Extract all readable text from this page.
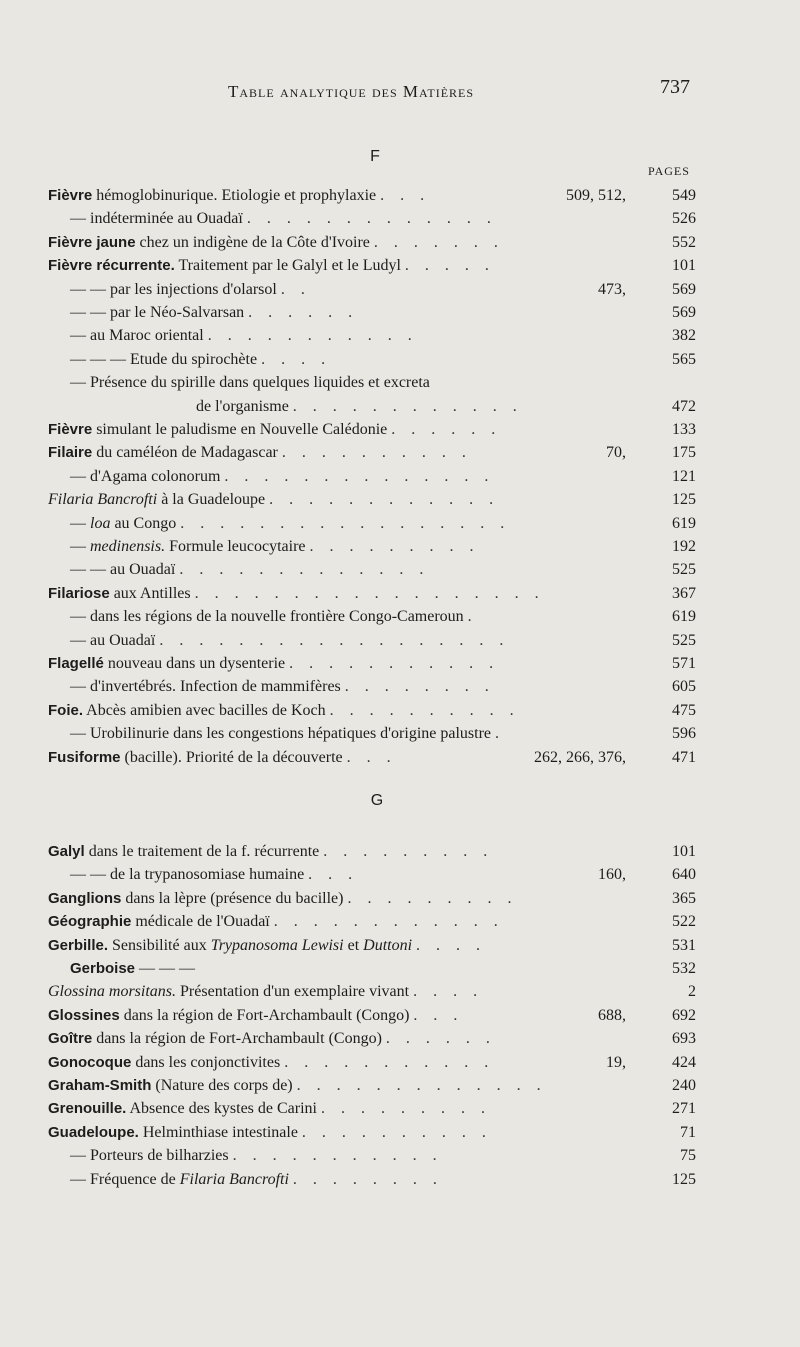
Table analytique des Matières	737
F
PAGES
G
Fièvre hémoglobinurique. Etiologie et prophylaxie . . .	509, 512,	549
— indéterminée au Ouadaï . . . . . . . . . . . . .	526
Fièvre jaune chez un indigène de la Côte d'Ivoire . . . . . . .	552
Fièvre récurrente. Traitement par le Galyl et le Ludyl . . . . .	101
— — par les injections d'olarsol . .	473,	569
— — par le Néo-Salvarsan . . . . . .	569
— au Maroc oriental . . . . . . . . . . .	382
— — — Etude du spirochète . . . .	565
— Présence du spirille dans quelques liquides et excreta
de l'organisme . . . . . . . . . . . .	472
Fièvre simulant le paludisme en Nouvelle Calédonie . . . . . .	133
Filaire du caméléon de Madagascar . . . . . . . . . .	70,	175
— d'Agama colonorum . . . . . . . . . . . . . .	121
Filaria Bancrofti à la Guadeloupe . . . . . . . . . . . .	125
— loa au Congo . . . . . . . . . . . . . . . . .	619
— medinensis. Formule leucocytaire . . . . . . . . .	192
— — au Ouadaï . . . . . . . . . . . . .	525
Filariose aux Antilles . . . . . . . . . . . . . . . . . .	367
— dans les régions de la nouvelle frontière Congo-Cameroun .	619
— au Ouadaï . . . . . . . . . . . . . . . . . .	525
Flagellé nouveau dans un dysenterie . . . . . . . . . . .	571
— d'invertébrés. Infection de mammifères . . . . . . . .	605
Foie. Abcès amibien avec bacilles de Koch . . . . . . . . . .	475
— Urobilinurie dans les congestions hépatiques d'origine palustre .	596
Fusiforme (bacille). Priorité de la découverte . . .	262, 266, 376,	471
Galyl dans le traitement de la f. récurrente . . . . . . . . .	101
— — de la trypanosomiase humaine . . .	160,	640
Ganglions dans la lèpre (présence du bacille) . . . . . . . . .	365
Géographie médicale de l'Ouadaï . . . . . . . . . . . .	522
Gerbille. Sensibilité aux Trypanosoma Lewisi et Duttoni . . . .	531
Gerboise — — —	532
Glossina morsitans. Présentation d'un exemplaire vivant . . . .	2
Glossines dans la région de Fort-Archambault (Congo) . . .	688,	692
Goître dans la région de Fort-Archambault (Congo) . . . . . .	693
Gonocoque dans les conjonctivites . . . . . . . . . . .	19,	424
Graham-Smith (Nature des corps de) . . . . . . . . . . . . .	240
Grenouille. Absence des kystes de Carini . . . . . . . . .	271
Guadeloupe. Helminthiase intestinale . . . . . . . . . .	71
— Porteurs de bilharzies . . . . . . . . . . .	75
— Fréquence de Filaria Bancrofti . . . . . . . .	125
